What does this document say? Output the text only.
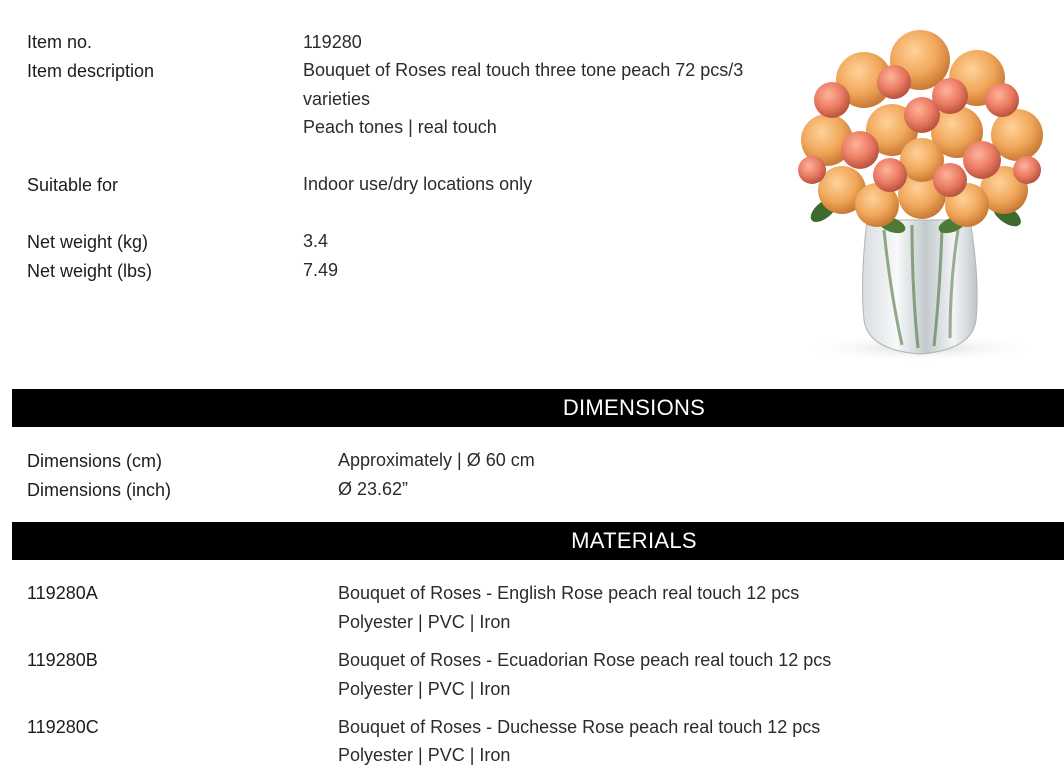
Item no.	119280
Item description	Bouquet of Roses real touch three tone peach 72 pcs/3
varieties
Peach tones | real touch
Suitable for	Indoor use/dry locations only
Net weight (kg)	3.4
Net weight (lbs)	7.49
DIMENSIONS
Dimensions (cm)	Approximately | Ø 60 cm
Dimensions (inch)	Ø 23.62”
MATERIALS
119280A	Bouquet of Roses - English Rose peach real touch 12 pcs
Polyester | PVC | Iron
119280B	Bouquet of Roses - Ecuadorian Rose peach real touch 12 pcs
Polyester | PVC | Iron
119280C	Bouquet of Roses - Duchesse Rose peach real touch 12 pcs
Polyester | PVC | Iron
